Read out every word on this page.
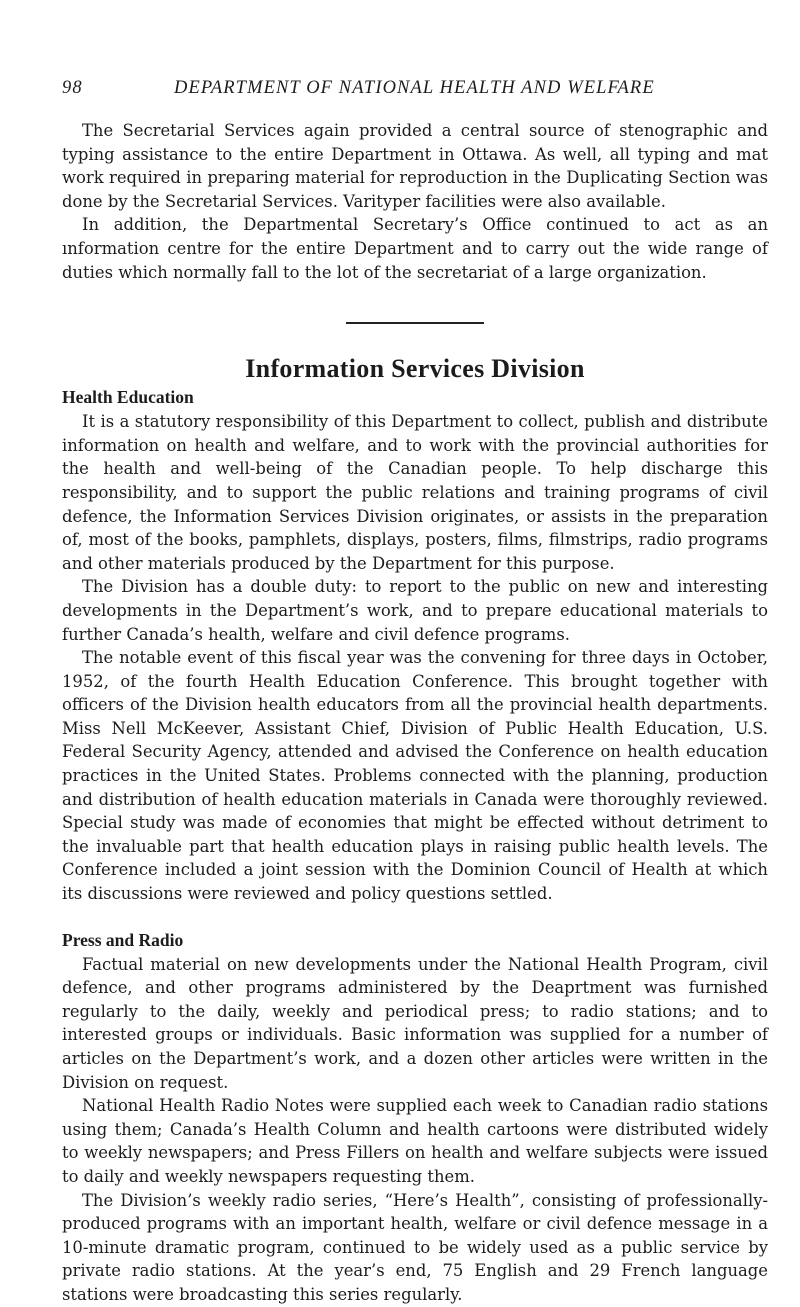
98	DEPARTMENT OF NATIONAL HEALTH AND WELFARE

The Secretarial Services again provided a central source of stenographic and typing assistance to the entire Department in Ottawa. As well, all typing and mat work required in preparing material for reproduction in the Duplicating Section was done by the Secretarial Services. Varityper facilities were also available.

In addition, the Departmental Secretary’s Office continued to act as an ınformation centre for the entire Department and to carry out the wide range of duties which normally fall to the lot of the secretariat of a large organization.

Information Services Division
Health Education

It is a statutory responsibility of this Department to collect, publish and distribute information on health and welfare, and to work with the provincial authorities for the health and well-being of the Canadian people. To help discharge this responsibility, and to support the public relations and training programs of civil defence, the Information Services Division originates, or assists in the preparation of, most of the books, pamphlets, displays, posters, films, filmstrips, radio programs and other materials produced by the Department for this purpose.

The Division has a double duty: to report to the public on new and interesting developments in the Department’s work, and to prepare educational materials to further Canada’s health, welfare and civil defence programs.

The notable event of this fiscal year was the convening for three days in October, 1952, of the fourth Health Education Conference. This brought together with officers of the Division health educators from all the provincial health departments. Miss Nell McKeever, Assistant Chief, Division of Public Health Education, U.S. Federal Security Agency, attended and advised the Conference on health education practices in the United States. Problems connected with the planning, production and distribution of health education materials in Canada were thoroughly reviewed. Special study was made of economies that might be effected without detriment to the invaluable part that health education plays in raising public health levels. The Conference included a joint session with the Dominion Council of Health at which its discussions were reviewed and policy questions settled.

Press and Radio

Factual material on new developments under the National Health Program, civil defence, and other programs administered by the Deaprtment was furnished regularly to the daily, weekly and periodical press; to radio stations; and to interested groups or individuals. Basic information was supplied for a number of articles on the Department’s work, and a dozen other articles were written in the Division on request.

National Health Radio Notes were supplied each week to Canadian radio stations using them; Canada’s Health Column and health cartoons were distributed widely to weekly newspapers; and Press Fillers on health and welfare subjects were issued to daily and weekly newspapers requesting them.

The Division’s weekly radio series, “Here’s Health”, consisting of professionally-produced programs with an important health, welfare or civil defence message in a 10-minute dramatic program, continued to be widely used as a public service by private radio stations. At the year’s end, 75 English and 29 French language stations were broadcasting this series regularly.
